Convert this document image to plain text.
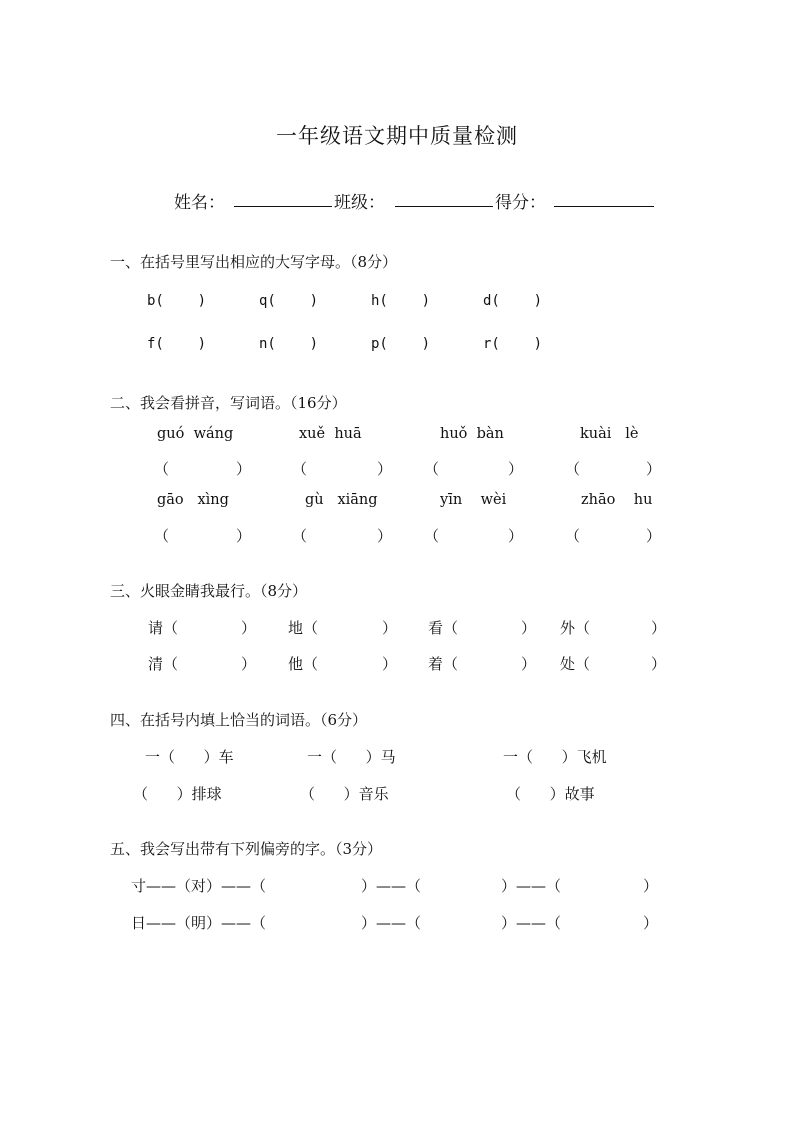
一年级语文期中质量检测
姓名：	班级：	得分：
一、在括号里写出相应的大写字母。（8分）
b(    )	q(    )	h(    )	d(    )
f(    )	n(    )	p(    )	r(    )
二、我会看拼音，写词语。（16分）
guó  wáng	xuě  huā	huǒ  bàn	kuài   lè
（	）	（	） （	）	（	）
gāo   xìng	gù   xiāng	yīn    wèi	zhāo    hu
（	）	（	） （	）	（	）
三、火眼金睛我最行。（8分）
请（	） 地（	） 看（	） 外（	）
清（	） 他（	） 着（	） 处（	）
四、在括号内填上恰当的词语。（6分）
一（      ）车	一（      ）马	一（      ）飞机
（      ）排球	（      ）音乐	（      ）故事
五、我会写出带有下列偏旁的字。（3分）
寸——（对）——（	）——（	）——（	）
日——（明）——（	）——（	）——（	）
